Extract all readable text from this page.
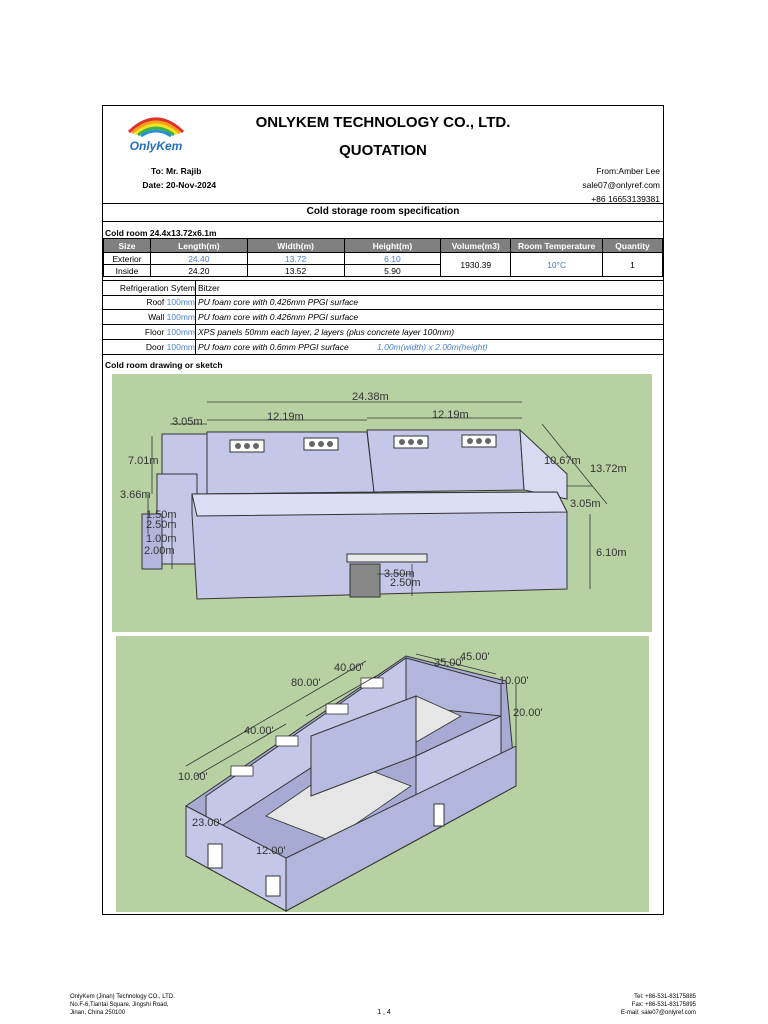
OnlyKem
ONLYKEM TECHNOLOGY CO., LTD.
QUOTATION
To: Mr. Rajib
Date: 20-Nov-2024
From:Amber Lee
sale07@onlyref.com
+86 16653139381
Cold storage room specification
Cold room 24.4x13.72x6.1m
Size	Length(m)	Width(m)	Height(m)	Volume(m3)	Room Temperature	Quantity
Exterior	24.40	13.72	6.10	1930.39	10°C	1
Inside	24.20	13.52	5.90			
Refrigeration Sytem Bitzer
Roof 100mm PU foam core with 0.426mm PPGI surface
Wall 100mm PU foam core with 0.426mm PPGI surface
Floor 100mm XPS panels 50mm each layer, 2 layers (plus concrete layer 100mm)
Door 100mm PU foam core with 0.6mm PPGI surface	1.00m(width) x 2.00m(height)
Cold room drawing or sketch
24.38m
12.19m	12.19m
3.05m
7.01m
3.66m
1.50m
2.50m
1.00m
2.00m
10.67m
13.72m
3.05m
6.10m
3.50m
2.50m
80.00'
40.00'
40.00'
35.00'
45.00'
10.00'
20.00'
10.00'
23.00'
12.00'
OnlyKem (Jinan) Technology CO., LTD.
No.F-6,Tiantai Square, Jingshi Road,
Jinan, China 250100
Tel: +86-531-83175885
Fax: +86-531-83175895
E-mail: sale07@onlyref.com
1 , 4
